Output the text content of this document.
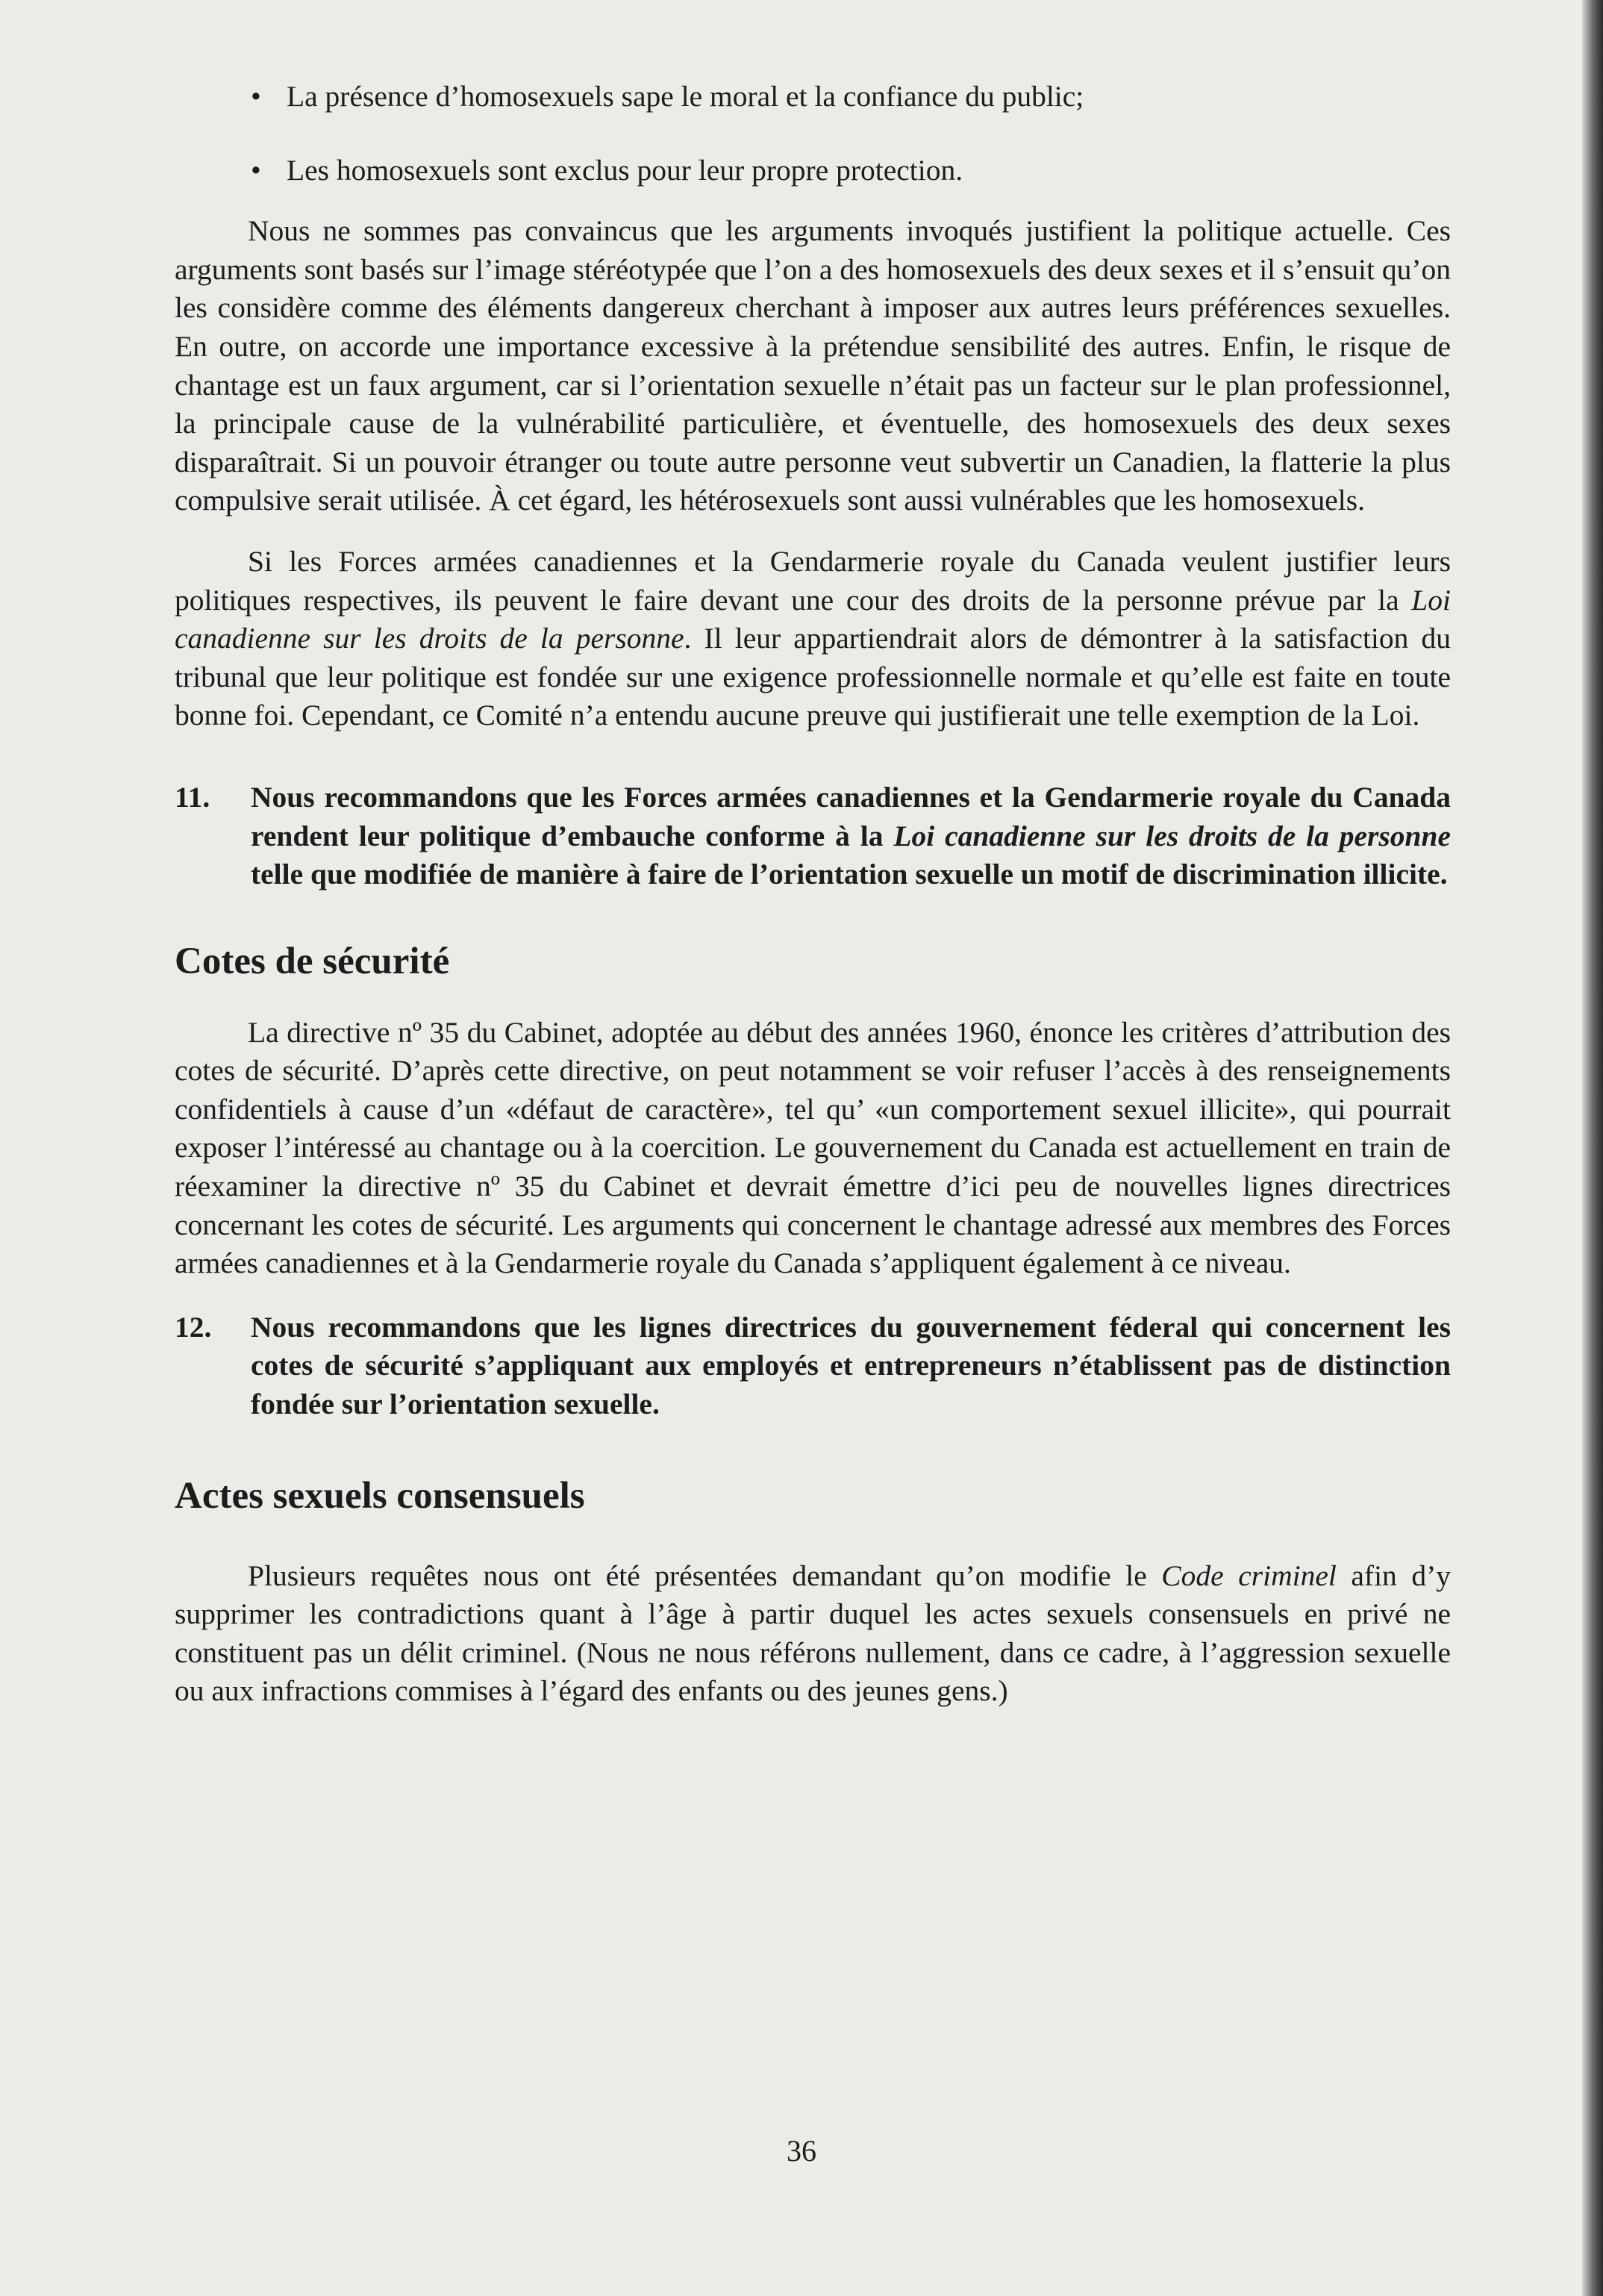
• La présence d’homosexuels sape le moral et la confiance du public;

• Les homosexuels sont exclus pour leur propre protection.

Nous ne sommes pas convaincus que les arguments invoqués justifient la politique actuelle. Ces arguments sont basés sur l’image stéréotypée que l’on a des homosexuels des deux sexes et il s’ensuit qu’on les considère comme des éléments dangereux cherchant à imposer aux autres leurs préférences sexuelles. En outre, on accorde une importance excessive à la prétendue sensibilité des autres. Enfin, le risque de chantage est un faux argument, car si l’orientation sexuelle n’était pas un facteur sur le plan professionnel, la principale cause de la vulnérabilité particulière, et éventuelle, des homosexuels des deux sexes disparaîtrait. Si un pouvoir étranger ou toute autre personne veut subvertir un Canadien, la flatterie la plus compulsive serait utilisée. À cet égard, les hétérosexuels sont aussi vulnérables que les homosexuels.

Si les Forces armées canadiennes et la Gendarmerie royale du Canada veulent justifier leurs politiques respectives, ils peuvent le faire devant une cour des droits de la personne prévue par la Loi canadienne sur les droits de la personne. Il leur appartiendrait alors de démontrer à la satisfaction du tribunal que leur politique est fondée sur une exigence professionnelle normale et qu’elle est faite en toute bonne foi. Cependant, ce Comité n’a entendu aucune preuve qui justifierait une telle exemption de la Loi.

11. Nous recommandons que les Forces armées canadiennes et la Gendarmerie royale du Canada rendent leur politique d’embauche conforme à la Loi canadienne sur les droits de la personne telle que modifiée de manière à faire de l’orientation sexuelle un motif de discrimination illicite.
Cotes de sécurité

La directive nº 35 du Cabinet, adoptée au début des années 1960, énonce les critères d’attribution des cotes de sécurité. D’après cette directive, on peut notamment se voir refuser l’accès à des renseignements confidentiels à cause d’un «défaut de caractère», tel qu’ «un comportement sexuel illicite», qui pourrait exposer l’intéressé au chantage ou à la coercition. Le gouvernement du Canada est actuellement en train de réexaminer la directive nº 35 du Cabinet et devrait émettre d’ici peu de nouvelles lignes directrices concernant les cotes de sécurité. Les arguments qui concernent le chantage adressé aux membres des Forces armées canadiennes et à la Gendarmerie royale du Canada s’appliquent également à ce niveau.

12. Nous recommandons que les lignes directrices du gouvernement féderal qui concernent les cotes de sécurité s’appliquant aux employés et entrepreneurs n’établissent pas de distinction fondée sur l’orientation sexuelle.
Actes sexuels consensuels

Plusieurs requêtes nous ont été présentées demandant qu’on modifie le Code criminel afin d’y supprimer les contradictions quant à l’âge à partir duquel les actes sexuels consensuels en privé ne constituent pas un délit criminel. (Nous ne nous référons nullement, dans ce cadre, à l’aggression sexuelle ou aux infractions commises à l’égard des enfants ou des jeunes gens.)

36
